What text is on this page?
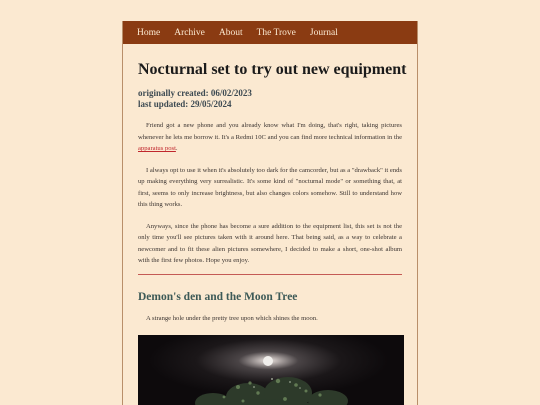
Home Archive About The Trove Journal
Nocturnal set to try out new equipment
originally created: 06/02/2023
last updated: 29/05/2024

Friend got a new phone and you already know what I'm doing, that's right, taking pictures whenever he lets me borrow it. It's a Redmi 10C and you can find more technical information in the apparatus post.

I always opt to use it when it's absolutely too dark for the camcorder, but as a "drawback" it ends up making everything very surrealistic. It's some kind of "nocturnal mode" or something that, at first, seems to only increase brightness, but also changes colors somehow. Still to understand how this thing works.

Anyways, since the phone has become a sure addition to the equipment list, this set is not the only time you'll see pictures taken with it around here. That being said, as a way to celebrate a newcomer and to fit these alien pictures somewhere, I decided to make a short, one-shot album with the first few photos. Hope you enjoy.

Demon's den and the Moon Tree

A strange hole under the pretty tree upon which shines the moon.
